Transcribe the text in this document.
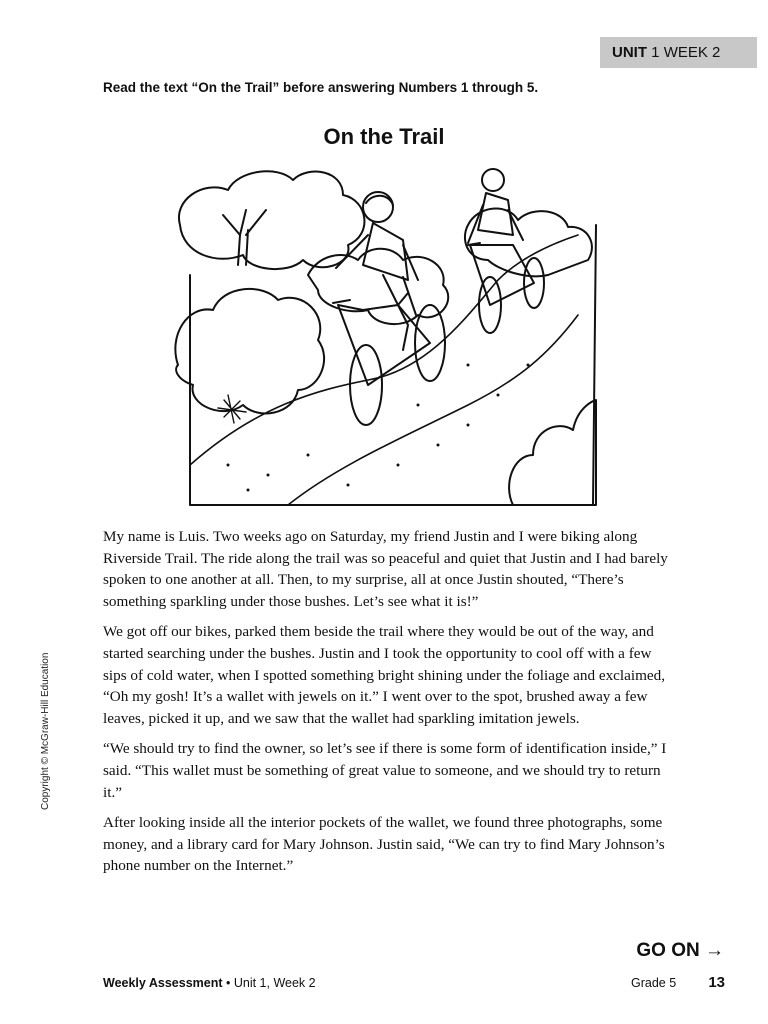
UNIT 1 WEEK 2
Read the text “On the Trail” before answering Numbers 1 through 5.
On the Trail

My name is Luis. Two weeks ago on Saturday, my friend Justin and I were biking along Riverside Trail. The ride along the trail was so peaceful and quiet that Justin and I had barely spoken to one another at all. Then, to my surprise, all at once Justin shouted, “There’s something sparkling under those bushes. Let’s see what it is!”

We got off our bikes, parked them beside the trail where they would be out of the way, and started searching under the bushes. Justin and I took the opportunity to cool off with a few sips of cold water, when I spotted something bright shining under the foliage and exclaimed, “Oh my gosh! It’s a wallet with jewels on it.” I went over to the spot, brushed away a few leaves, picked it up, and we saw that the wallet had sparkling imitation jewels.

“We should try to find the owner, so let’s see if there is some form of identification inside,” I said. “This wallet must be something of great value to someone, and we should try to return it.”

After looking inside all the interior pockets of the wallet, we found three photographs, some money, and a library card for Mary Johnson. Justin said, “We can try to find Mary Johnson’s phone number on the Internet.”

Copyright © McGraw-Hill Education
GO ON →
Weekly Assessment • Unit 1, Week 2	Grade 5 13
